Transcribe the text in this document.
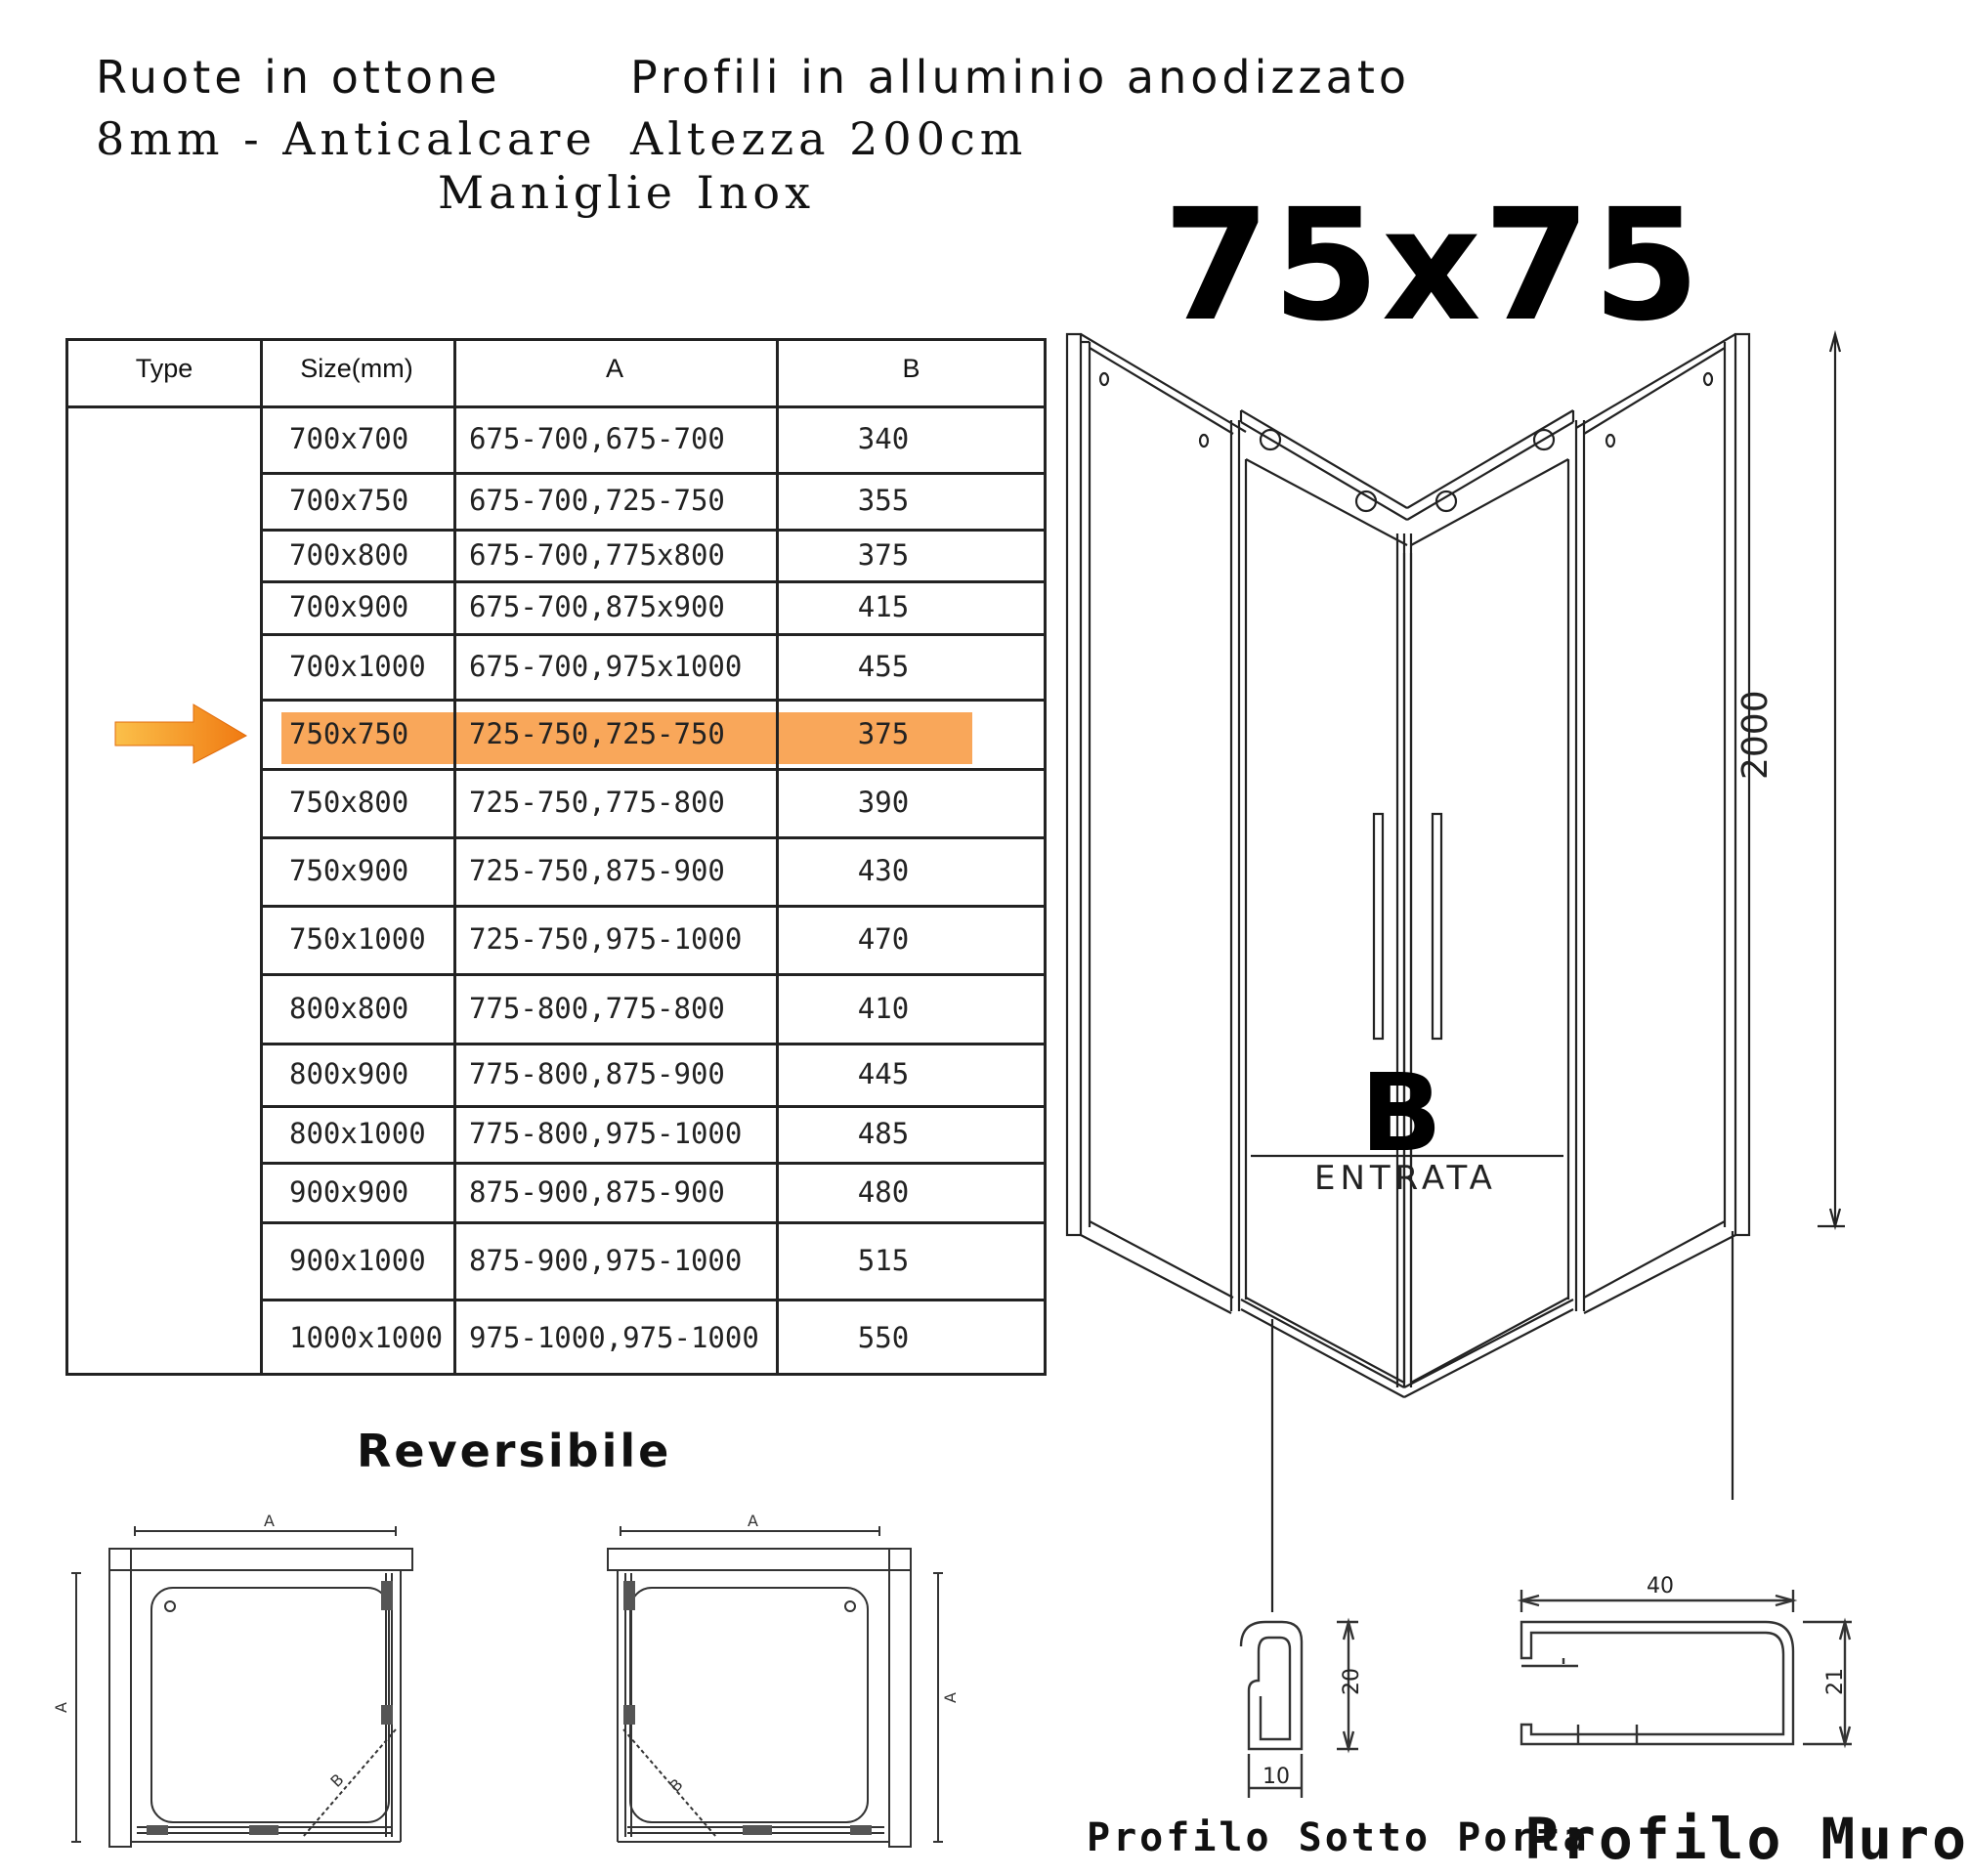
Ruote in ottone
8mm - Anticalcare
Profili in alluminio anodizzato
Altezza 200cm
Maniglie Inox 75x75
Type	Size(mm)	A	B
700x700 675-700,675-700	340
700x750 675-700,725-750	355
700x800 675-700,775x800	375
700x900 675-700,875x900	415
700x1000 675-700,975x1000	455
750x750 725-750,725-750	375
750x800 725-750,775-800	390
750x900 725-750,875-900	430
750x1000 725-750,975-1000	470
800x800 775-800,775-800	410
800x900 775-800,875-900	445
800x1000 775-800,975-1000	485
900x900 875-900,875-900	480
900x1000 875-900,975-1000	515
1000x1000 975-1000,975-1000	550
Reversibile
A
A
B
A
A
B
2000
B
ENTRATA
20
10
Profilo Sotto Porta
40
21
Profilo Muro
